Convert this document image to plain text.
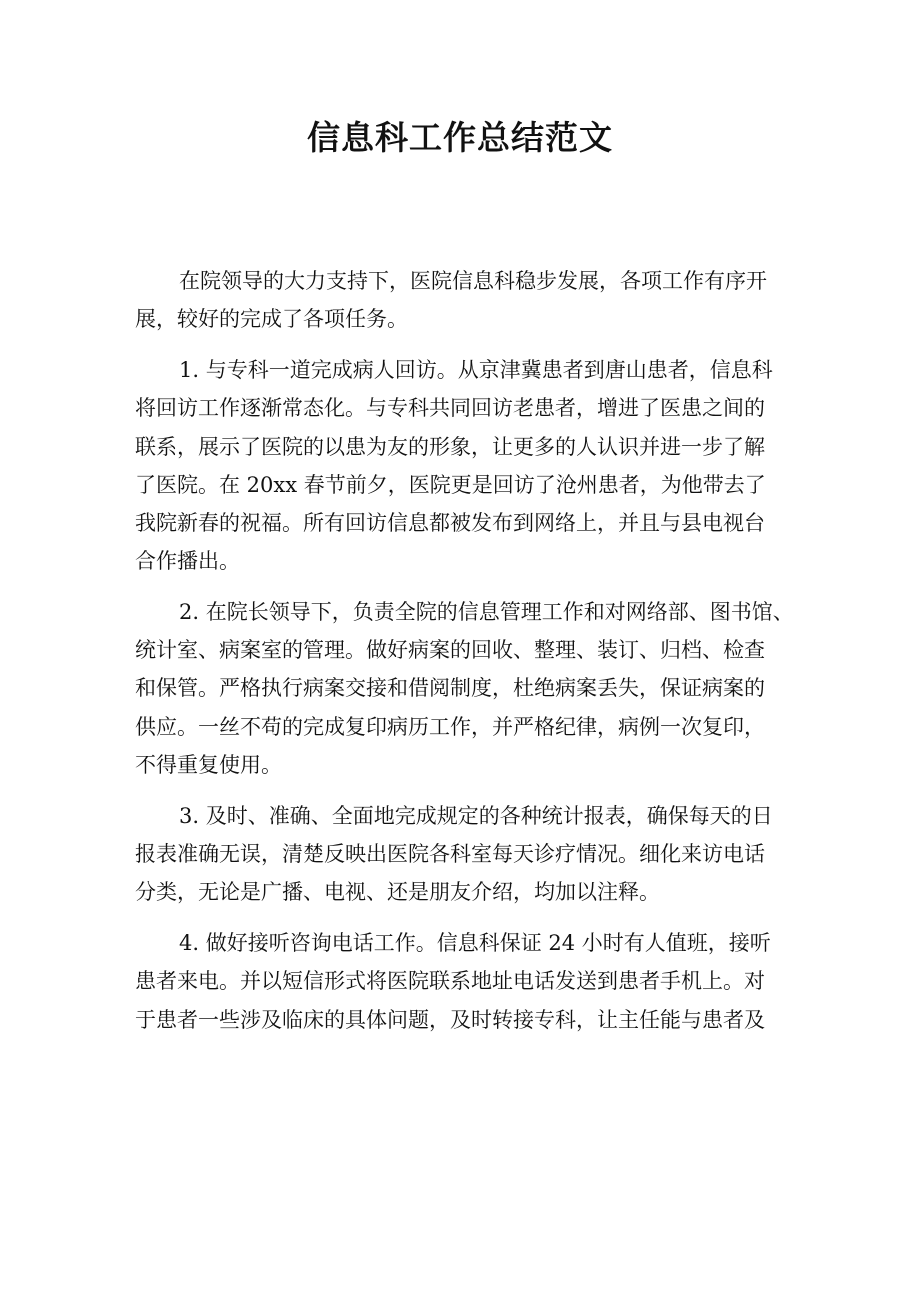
信息科工作总结范文

在院领导的大力支持下，医院信息科稳步发展，各项工作有序开
展，较好的完成了各项任务。

1. 与专科一道完成病人回访。从京津冀患者到唐山患者，信息科
将回访工作逐渐常态化。与专科共同回访老患者，增进了医患之间的
联系，展示了医院的以患为友的形象，让更多的人认识并进一步了解
了医院。在 20xx 春节前夕，医院更是回访了沧州患者，为他带去了
我院新春的祝福。所有回访信息都被发布到网络上，并且与县电视台
合作播出。

2. 在院长领导下，负责全院的信息管理工作和对网络部、图书馆、
统计室、病案室的管理。做好病案的回收、整理、装订、归档、检查
和保管。严格执行病案交接和借阅制度，杜绝病案丢失，保证病案的
供应。一丝不苟的完成复印病历工作，并严格纪律，病例一次复印，
不得重复使用。

3. 及时、准确、全面地完成规定的各种统计报表，确保每天的日
报表准确无误，清楚反映出医院各科室每天诊疗情况。细化来访电话
分类，无论是广播、电视、还是朋友介绍，均加以注释。

4. 做好接听咨询电话工作。信息科保证 24 小时有人值班，接听
患者来电。并以短信形式将医院联系地址电话发送到患者手机上。对
于患者一些涉及临床的具体问题，及时转接专科，让主任能与患者及
